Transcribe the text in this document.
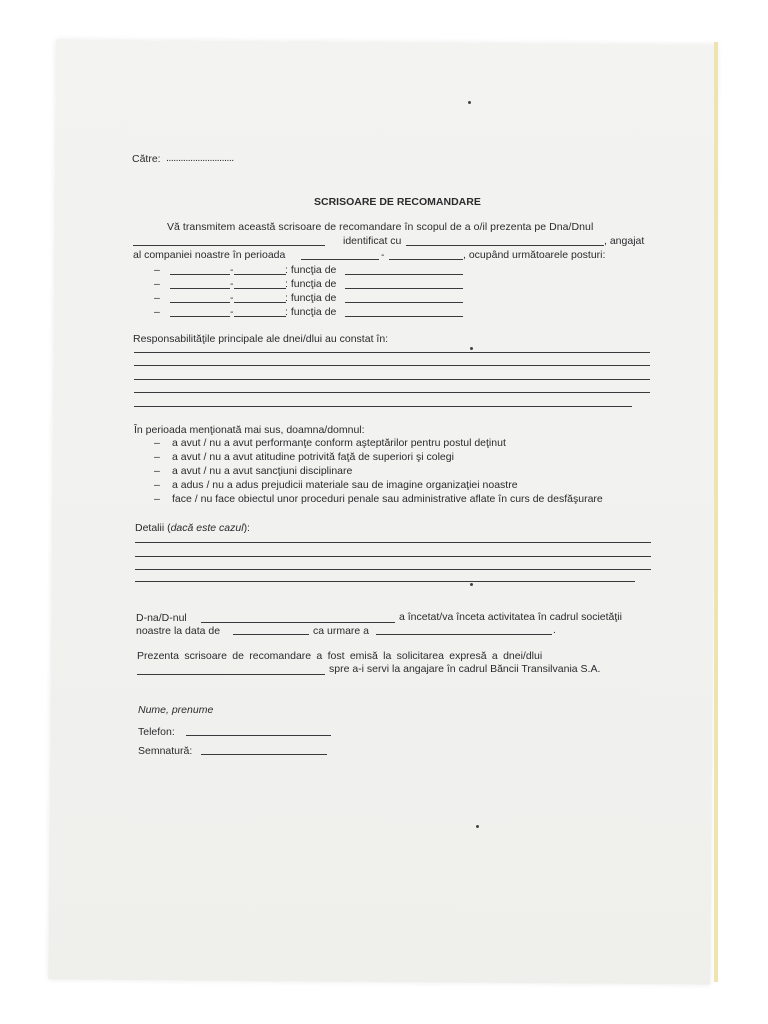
Către: ............................
SCRISOARE DE RECOMANDARE
Vă transmitem această scrisoare de recomandare în scopul de a o/il prezenta pe Dna/Dnul
identificat cu	, angajat
al companiei noastre în perioada	-	, ocupând următoarele posturi:
–	-	: funcţia de
–	-	: funcţia de
–	-	: funcţia de
–	-	: funcţia de
Responsabilităţile principale ale dnei/dlui au constat în:
În perioada menţionată mai sus, doamna/domnul:
– a avut / nu a avut performanţe conform aşteptărilor pentru postul deţinut
– a avut / nu a avut atitudine potrivită faţă de superiori şi colegi
– a avut / nu a avut sancţiuni disciplinare
– a adus / nu a adus prejudicii materiale sau de imagine organizaţiei noastre
– face / nu face obiectul unor proceduri penale sau administrative aflate în curs de desfăşurare
Detalii (dacă este cazul):
D-na/D-nul	a încetat/va înceta activitatea în cadrul societăţii
noastre la data de	ca urmare a	.
Prezenta scrisoare de recomandare a fost emisă la solicitarea expresă a dnei/dlui
spre a-i servi la angajare în cadrul Băncii Transilvania S.A.
Nume, prenume
Telefon:
Semnatură:
